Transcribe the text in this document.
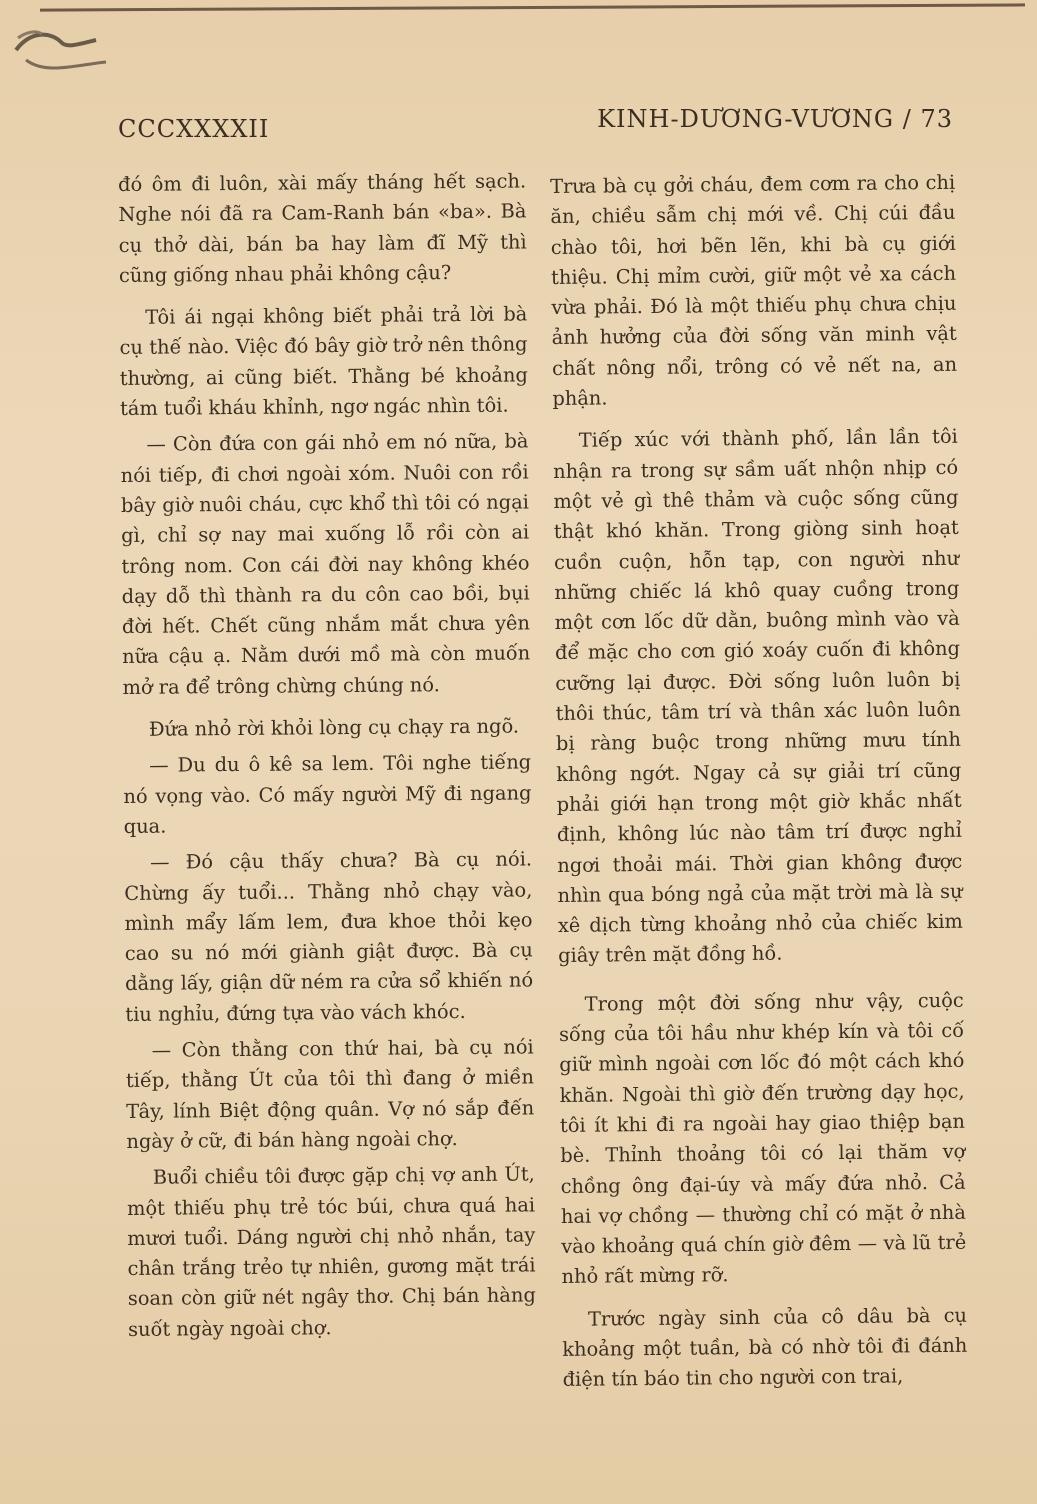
CCCXXXXII	KINH-DƯƠNG-VƯƠNG / 73

đó ôm đi luôn, xài mấy tháng hết sạch. Nghe nói đã ra Cam-Ranh bán «ba». Bà cụ thở dài, bán ba hay làm đĩ Mỹ thì cũng giống nhau phải không cậu?

Tôi ái ngại không biết phải trả lời bà cụ thế nào. Việc đó bây giờ trở nên thông thường, ai cũng biết. Thằng bé khoảng tám tuổi kháu khỉnh, ngơ ngác nhìn tôi.

— Còn đứa con gái nhỏ em nó nữa, bà nói tiếp, đi chơi ngoài xóm. Nuôi con rồi bây giờ nuôi cháu, cực khổ thì tôi có ngại gì, chỉ sợ nay mai xuống lỗ rồi còn ai trông nom. Con cái đời nay không khéo dạy dỗ thì thành ra du côn cao bồi, bụi đời hết. Chết cũng nhắm mắt chưa yên nữa cậu ạ. Nằm dưới mồ mà còn muốn mở ra để trông chừng chúng nó.

Đứa nhỏ rời khỏi lòng cụ chạy ra ngõ.

— Du du ô kê sa lem. Tôi nghe tiếng nó vọng vào. Có mấy người Mỹ đi ngang qua.

— Đó cậu thấy chưa? Bà cụ nói. Chừng ấy tuổi... Thằng nhỏ chạy vào, mình mẩy lấm lem, đưa khoe thỏi kẹo cao su nó mới giành giật được. Bà cụ dằng lấy, giận dữ ném ra cửa sổ khiến nó tiu nghỉu, đứng tựa vào vách khóc.

— Còn thằng con thứ hai, bà cụ nói tiếp, thằng Út của tôi thì đang ở miền Tây, lính Biệt động quân. Vợ nó sắp đến ngày ở cữ, đi bán hàng ngoài chợ.

Buổi chiều tôi được gặp chị vợ anh Út, một thiếu phụ trẻ tóc búi, chưa quá hai mươi tuổi. Dáng người chị nhỏ nhắn, tay chân trắng trẻo tự nhiên, gương mặt trái soan còn giữ nét ngây thơ. Chị bán hàng suốt ngày ngoài chợ.

Trưa bà cụ gởi cháu, đem cơm ra cho chị ăn, chiều sẫm chị mới về. Chị cúi đầu chào tôi, hơi bẽn lẽn, khi bà cụ giới thiệu. Chị mỉm cười, giữ một vẻ xa cách vừa phải. Đó là một thiếu phụ chưa chịu ảnh hưởng của đời sống văn minh vật chất nông nổi, trông có vẻ nết na, an phận.

Tiếp xúc với thành phố, lần lần tôi nhận ra trong sự sầm uất nhộn nhịp có một vẻ gì thê thảm và cuộc sống cũng thật khó khăn. Trong giòng sinh hoạt cuồn cuộn, hỗn tạp, con người như những chiếc lá khô quay cuồng trong một cơn lốc dữ dằn, buông mình vào và để mặc cho cơn gió xoáy cuốn đi không cưỡng lại được. Đời sống luôn luôn bị thôi thúc, tâm trí và thân xác luôn luôn bị ràng buộc trong những mưu tính không ngớt. Ngay cả sự giải trí cũng phải giới hạn trong một giờ khắc nhất định, không lúc nào tâm trí được nghỉ ngơi thoải mái. Thời gian không được nhìn qua bóng ngả của mặt trời mà là sự xê dịch từng khoảng nhỏ của chiếc kim giây trên mặt đồng hồ.

Trong một đời sống như vậy, cuộc sống của tôi hầu như khép kín và tôi cố giữ mình ngoài cơn lốc đó một cách khó khăn. Ngoài thì giờ đến trường dạy học, tôi ít khi đi ra ngoài hay giao thiệp bạn bè. Thỉnh thoảng tôi có lại thăm vợ chồng ông đại-úy và mấy đứa nhỏ. Cả hai vợ chồng — thường chỉ có mặt ở nhà vào khoảng quá chín giờ đêm — và lũ trẻ nhỏ rất mừng rỡ.

Trước ngày sinh của cô dâu bà cụ khoảng một tuần, bà có nhờ tôi đi đánh điện tín báo tin cho người con trai,
